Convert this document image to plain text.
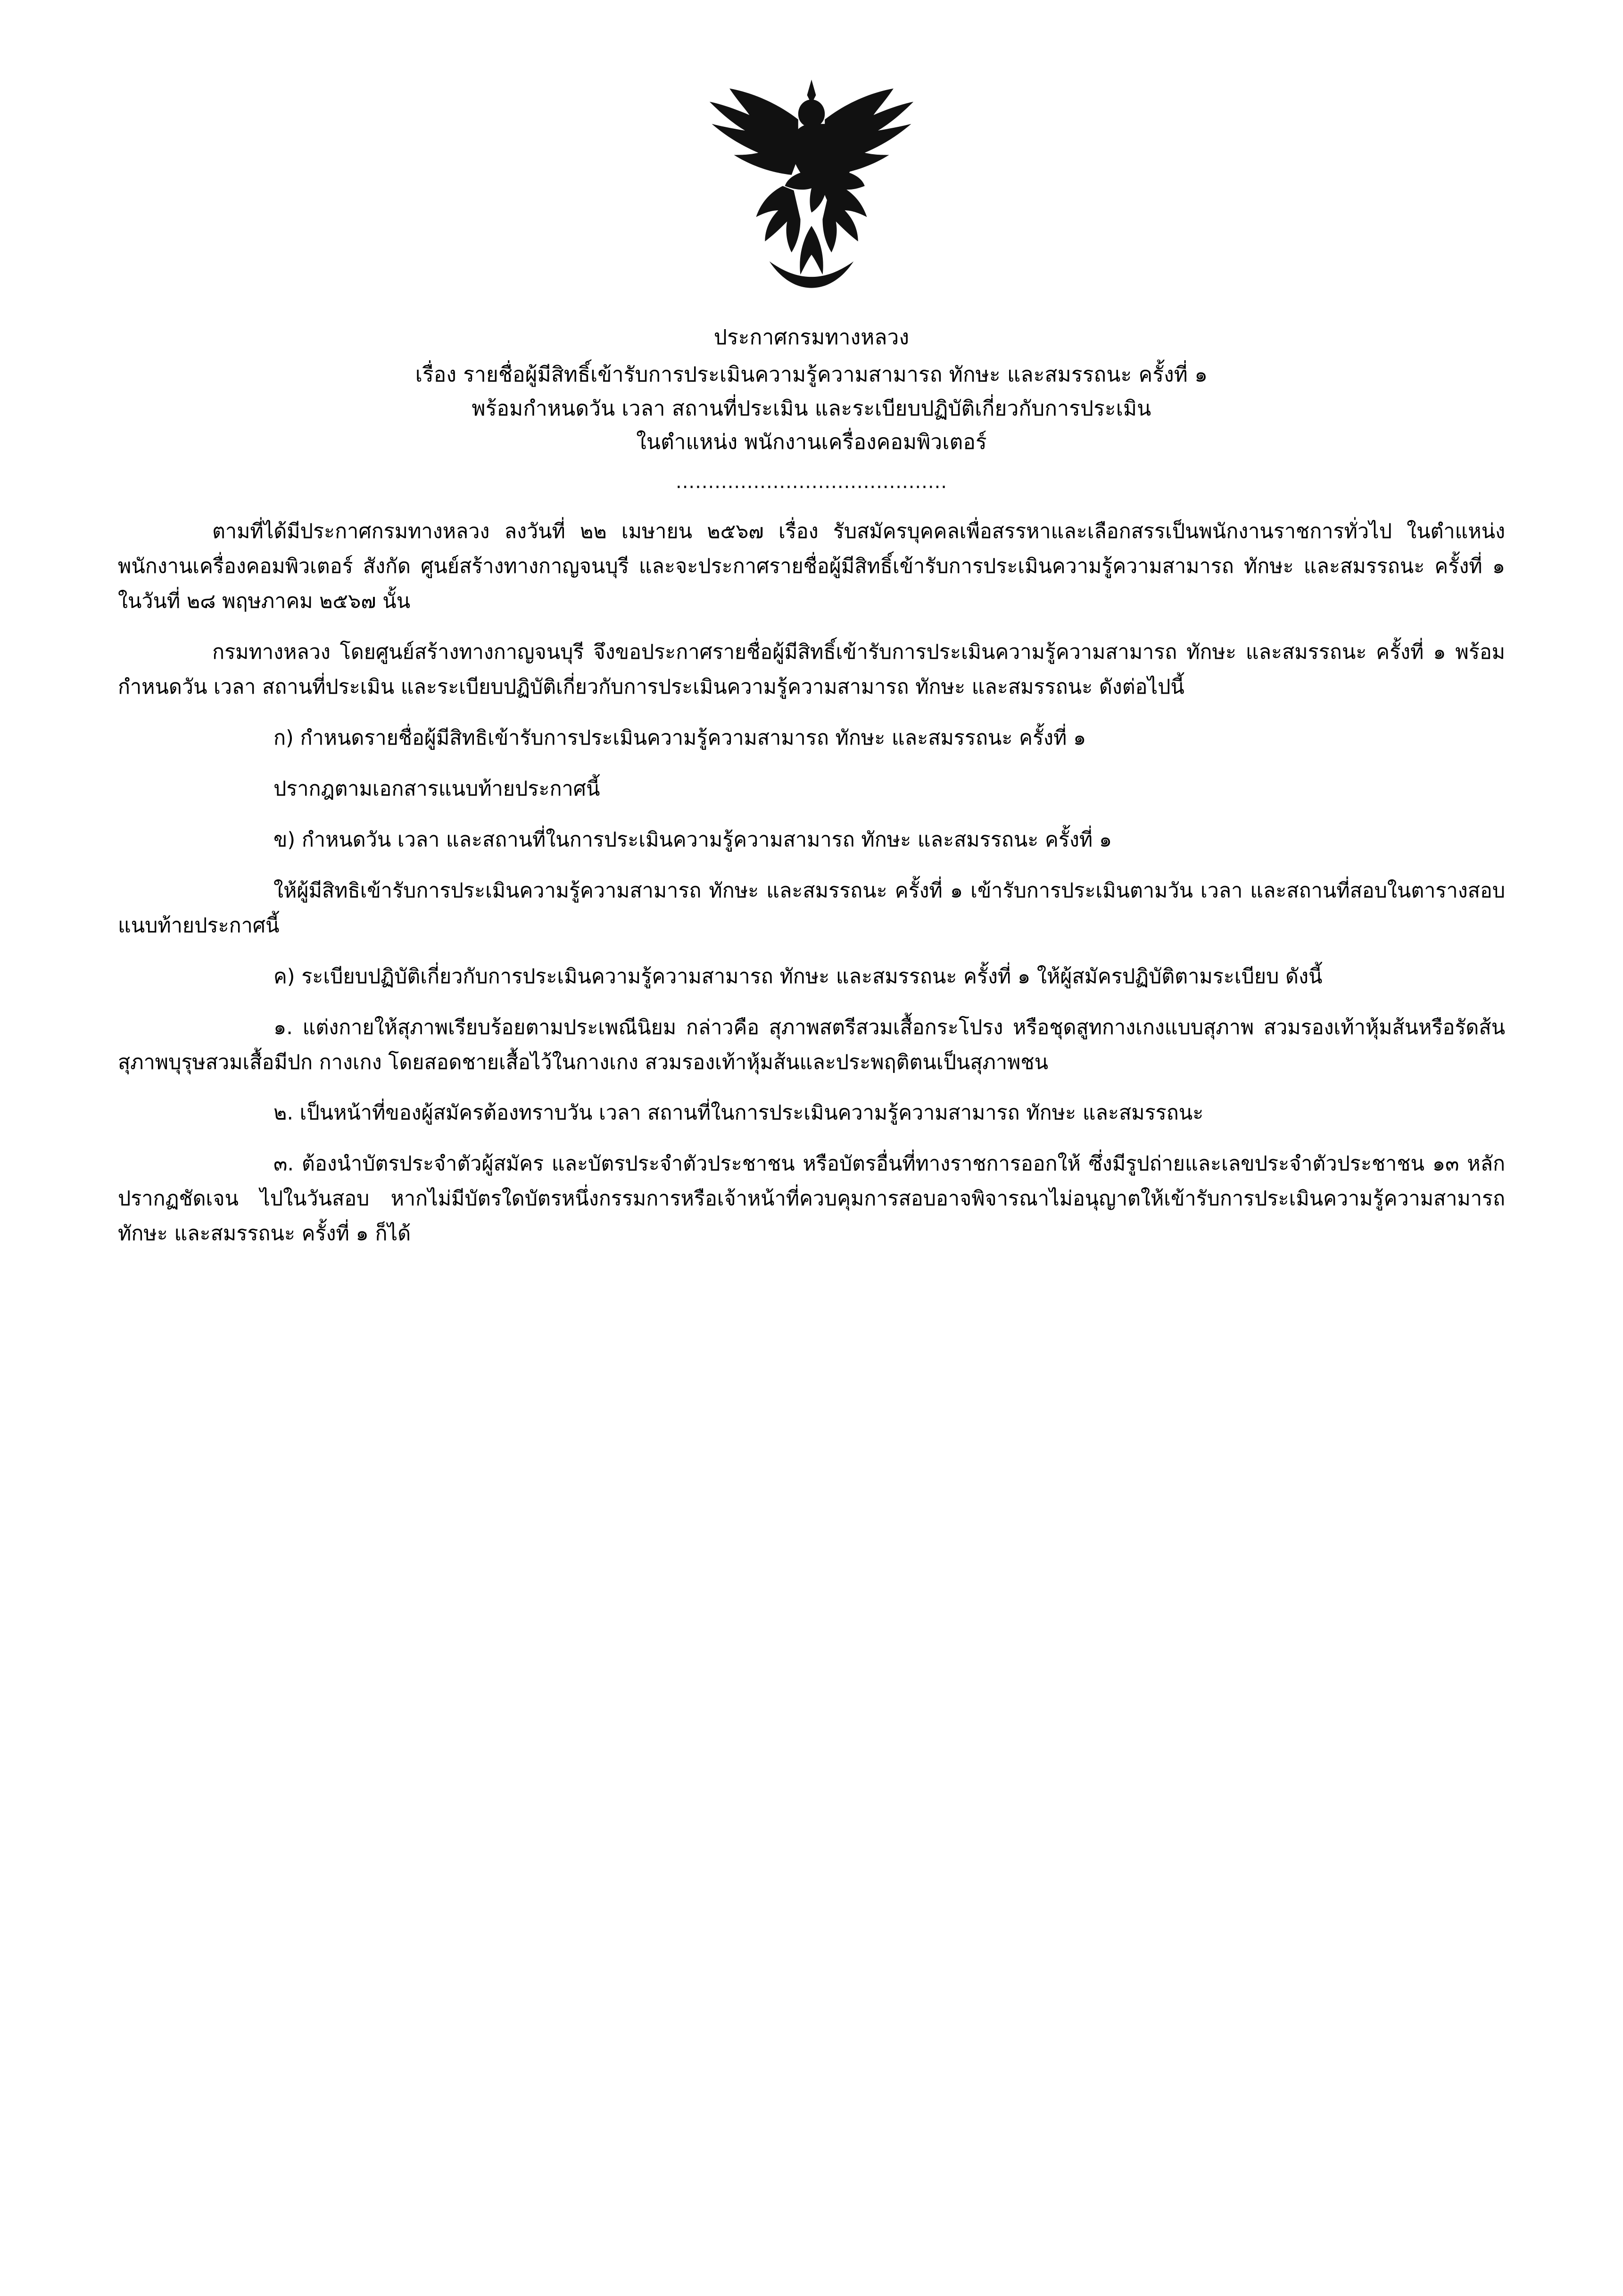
ประกาศกรมทางหลวง
เรื่อง รายชื่อผู้มีสิทธิ์เข้ารับการประเมินความรู้ความสามารถ ทักษะ และสมรรถนะ ครั้งที่ ๑
พร้อมกำหนดวัน เวลา สถานที่ประเมิน และระเบียบปฏิบัติเกี่ยวกับการประเมิน
ในตำแหน่ง พนักงานเครื่องคอมพิวเตอร์
..........................................

ตามที่ได้มีประกาศกรมทางหลวง ลงวันที่ ๒๒ เมษายน ๒๕๖๗ เรื่อง รับสมัครบุคคลเพื่อสรรหาและเลือกสรรเป็นพนักงานราชการทั่วไป ในตำแหน่ง พนักงานเครื่องคอมพิวเตอร์ สังกัด ศูนย์สร้างทางกาญจนบุรี และจะประกาศรายชื่อผู้มีสิทธิ์เข้ารับการประเมินความรู้ความสามารถ ทักษะ และสมรรถนะ ครั้งที่ ๑ ในวันที่ ๒๘ พฤษภาคม ๒๕๖๗ นั้น

กรมทางหลวง โดยศูนย์สร้างทางกาญจนบุรี จึงขอประกาศรายชื่อผู้มีสิทธิ์เข้ารับการประเมินความรู้ความสามารถ ทักษะ และสมรรถนะ ครั้งที่ ๑ พร้อมกำหนดวัน เวลา สถานที่ประเมิน และระเบียบปฏิบัติเกี่ยวกับการประเมินความรู้ความสามารถ ทักษะ และสมรรถนะ ดังต่อไปนี้

ก) กำหนดรายชื่อผู้มีสิทธิเข้ารับการประเมินความรู้ความสามารถ ทักษะ และสมรรถนะ ครั้งที่ ๑

ปรากฎตามเอกสารแนบท้ายประกาศนี้

ข) กำหนดวัน เวลา และสถานที่ในการประเมินความรู้ความสามารถ ทักษะ และสมรรถนะ ครั้งที่ ๑

ให้ผู้มีสิทธิเข้ารับการประเมินความรู้ความสามารถ ทักษะ และสมรรถนะ ครั้งที่ ๑ เข้ารับการประเมินตามวัน เวลา และสถานที่สอบในตารางสอบแนบท้ายประกาศนี้

ค) ระเบียบปฏิบัติเกี่ยวกับการประเมินความรู้ความสามารถ ทักษะ และสมรรถนะ ครั้งที่ ๑ ให้ผู้สมัครปฏิบัติตามระเบียบ ดังนี้

๑. แต่งกายให้สุภาพเรียบร้อยตามประเพณีนิยม กล่าวคือ สุภาพสตรีสวมเสื้อกระโปรง หรือชุดสูทกางเกงแบบสุภาพ สวมรองเท้าหุ้มส้นหรือรัดส้น สุภาพบุรุษสวมเสื้อมีปก กางเกง โดยสอดชายเสื้อไว้ในกางเกง สวมรองเท้าหุ้มส้นและประพฤติตนเป็นสุภาพชน

๒. เป็นหน้าที่ของผู้สมัครต้องทราบวัน เวลา สถานที่ในการประเมินความรู้ความสามารถ ทักษะ และสมรรถนะ

๓. ต้องนำบัตรประจำตัวผู้สมัคร และบัตรประจำตัวประชาชน หรือบัตรอื่นที่ทางราชการออกให้ ซึ่งมีรูปถ่ายและเลขประจำตัวประชาชน ๑๓ หลักปรากฏชัดเจน ไปในวันสอบ หากไม่มีบัตรใดบัตรหนึ่งกรรมการหรือเจ้าหน้าที่ควบคุมการสอบอาจพิจารณาไม่อนุญาตให้เข้ารับการประเมินความรู้ความสามารถ ทักษะ และสมรรถนะ ครั้งที่ ๑ ก็ได้
